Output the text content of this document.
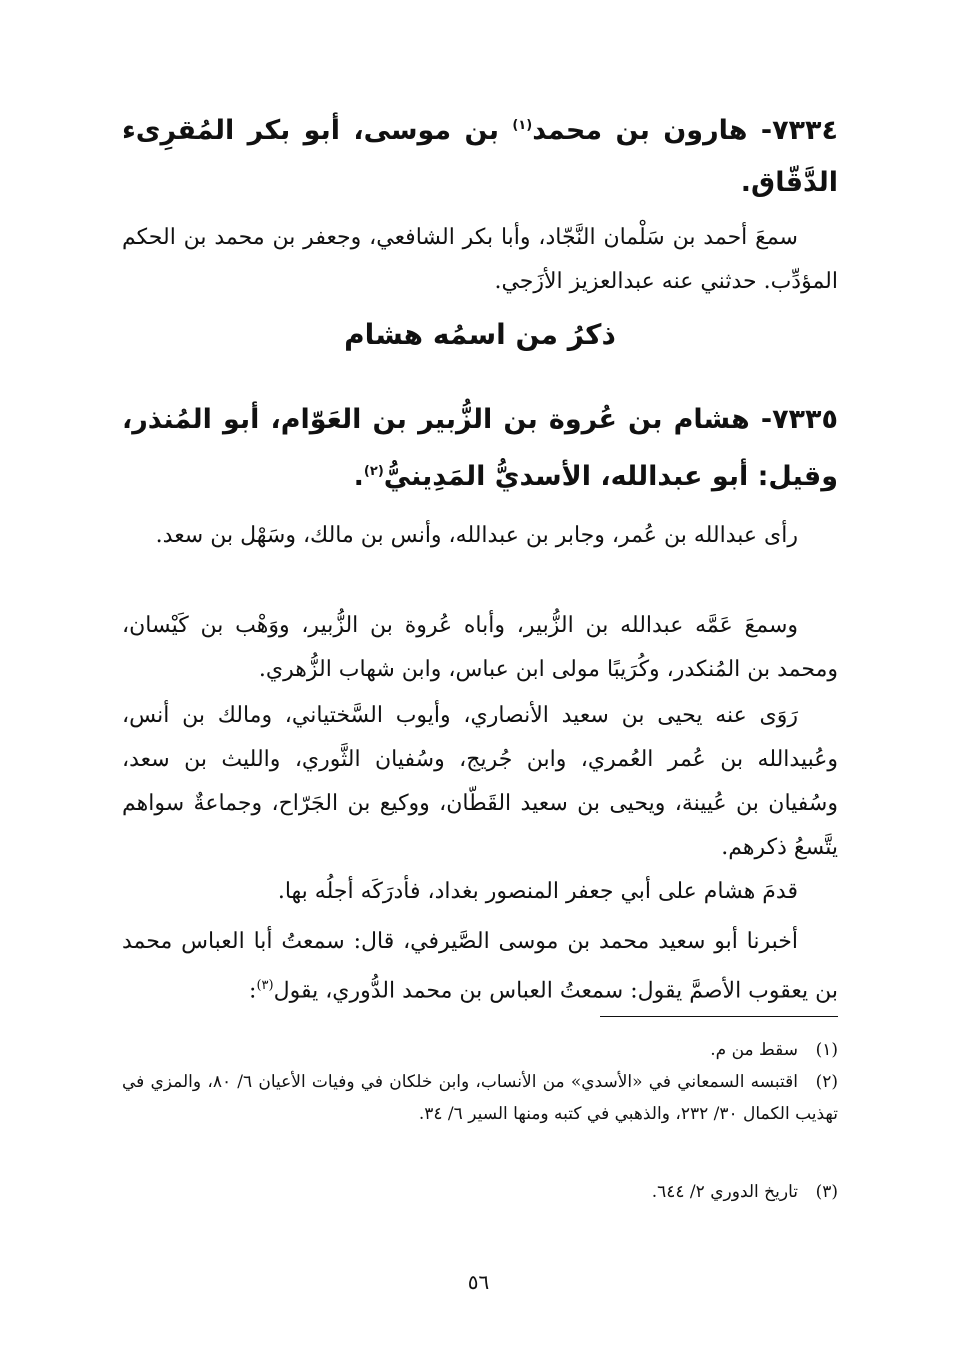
٧٣٣٤- هارون بن محمد$^{(١)}$ بن موسى، أبو بكر المُقرِىء الدَّقّاق.
سمعَ أحمد بن سَلْمان النَّجّاد، وأبا بكر الشافعي، وجعفر بن محمد بن الحكم المؤدِّب. حدثني عنه عبدالعزيز الأزَجي.
ذكرُ من اسمُه هشام
٧٣٣٥- هشام بن عُروة بن الزُّبير بن العَوّام، أبو المُنذر، وقيل: أبو عبدالله، الأسديُّ المَدِينيُّ$^{(٢)}$.
رأى عبدالله بن عُمر، وجابر بن عبدالله، وأنس بن مالك، وسَهْل بن سعد.
وسمعَ عَمَّه عبدالله بن الزُّبير، وأباه عُروة بن الزُّبير، ووَهْب بن كَيْسان، ومحمد بن المُنكدر، وكُرَيبًا مولى ابن عباس، وابن شهاب الزُّهري.
رَوَى عنه يحيى بن سعيد الأنصاري، وأيوب السَّختياني، ومالك بن أنس، وعُبيدالله بن عُمر العُمري، وابن جُريج، وسُفيان الثَّوري، والليث بن سعد، وسُفيان بن عُيينة، ويحيى بن سعيد القَطّان، ووكيع بن الجَرّاح، وجماعةٌ سواهم يتَّسعُ ذكرهم.
قدمَ هشام على أبي جعفر المنصور بغداد، فأدرَكَه أجلُه بها.
أخبرنا أبو سعيد محمد بن موسى الصَّيرفي، قال: سمعتُ أبا العباس محمد بن يعقوب الأصمَّ يقول: سمعتُ العباس بن محمد الدُّوري، يقول$^{(٣)}$:
(١)سقط من م.
(٢)اقتبسه السمعاني في «الأسدي» من الأنساب، وابن خلكان في وفيات الأعيان ٦/ ٨٠، والمزي في تهذيب الكمال ٣٠/ ٢٣٢، والذهبي في كتبه ومنها السير ٦/ ٣٤.
(٣)تاريخ الدوري ٢/ ٦٤٤.
٥٦
